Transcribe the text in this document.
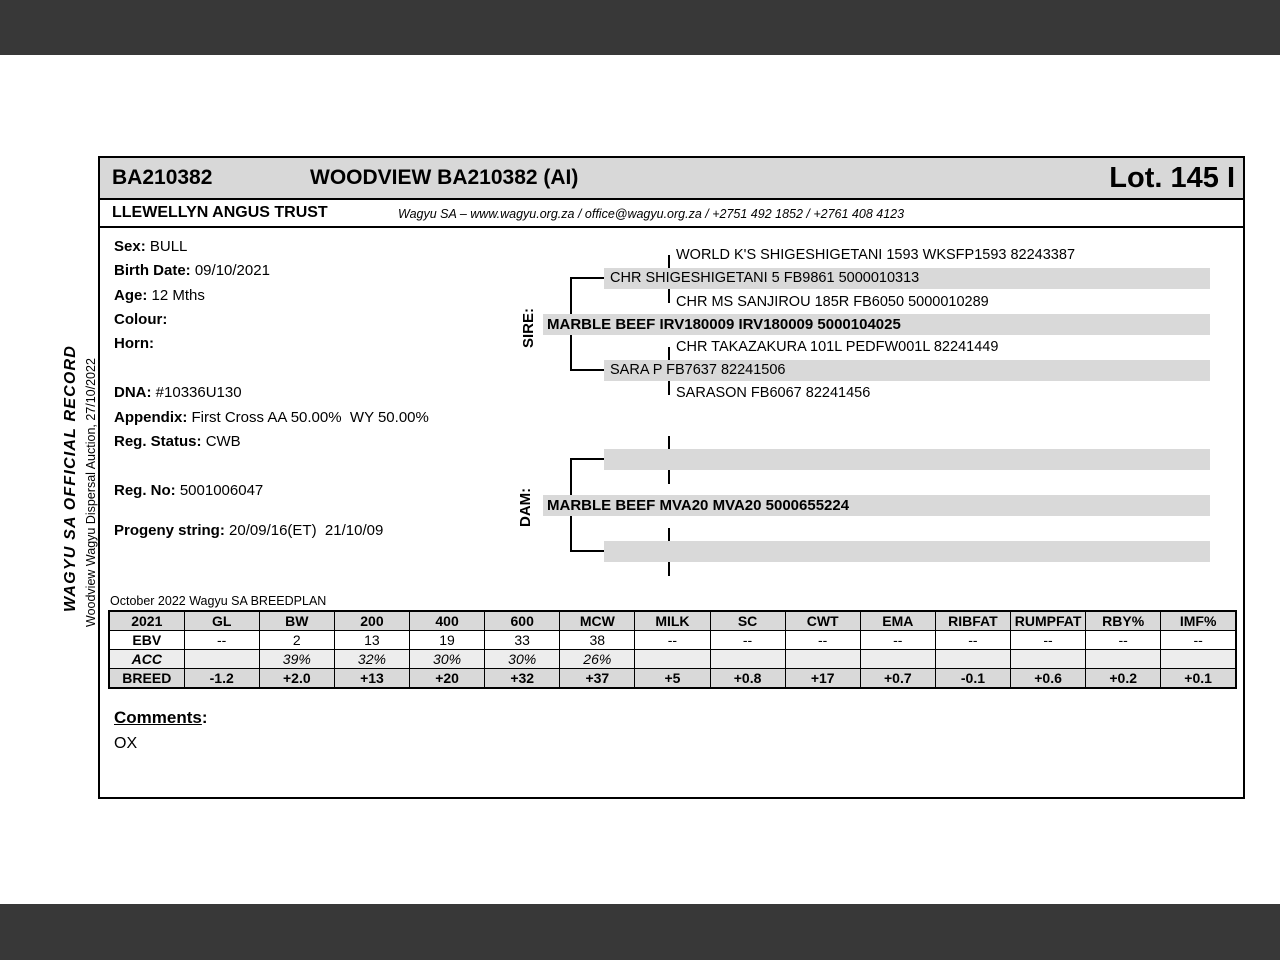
WAGYU SA OFFICIAL RECORD Woodview Wagyu Dispersal Auction, 27/10/2022
BA210382	WOODVIEW BA210382 (AI)	Lot. 145 I
LLEWELLYN ANGUS TRUST	Wagyu SA – www.wagyu.org.za / office@wagyu.org.za / +2751 492 1852 / +2761 408 4123
Sex: BULL
Birth Date: 09/10/2021
Age: 12 Mths
Colour:
Horn:
DNA: #10336U130
Appendix: First Cross AA 50.00%  WY 50.00%
Reg. Status: CWB
Reg. No: 5001006047
Progeny string: 20/09/16(ET)  21/10/09
WORLD K'S SHIGESHIGETANI 1593 WKSFP1593 82243387
CHR SHIGESHIGETANI 5 FB9861 5000010313
CHR MS SANJIROU 185R FB6050 5000010289
MARBLE BEEF IRV180009 IRV180009 5000104025
CHR TAKAZAKURA 101L PEDFW001L 82241449
SARA P FB7637 82241506
SARASON FB6067 82241456
MARBLE BEEF MVA20 MVA20 5000655224
SIRE:
DAM:
October 2022 Wagyu SA BREEDPLAN
2021	GL	BW	200	400	600	MCW	MILK	SC	CWT	EMA	RIBFAT	RUMPFAT	RBY%	IMF%
EBV	--	2	13	19	33	38	--	--	--	--	--	--	--	--
ACC		39%	32%	30%	30%	26%								
BREED	-1.2	+2.0	+13	+20	+32	+37	+5	+0.8	+17	+0.7	-0.1	+0.6	+0.2	+0.1
Comments:
OX
